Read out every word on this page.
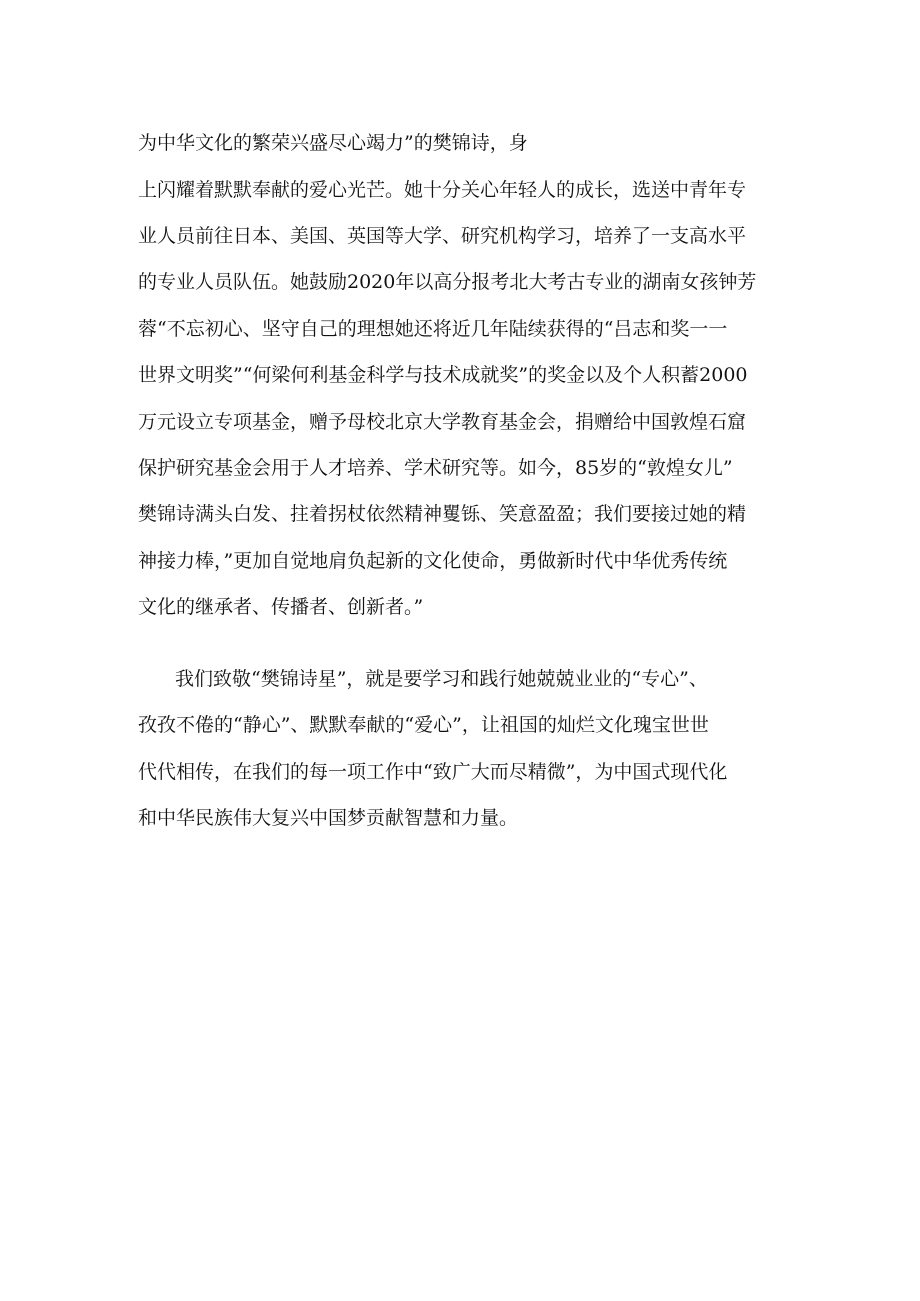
为中华文化的繁荣兴盛尽心竭力”的樊锦诗，身

上闪耀着默默奉献的爱心光芒。她十分关心年轻人的成长，选送中青年专

业人员前往日本、美国、英国等大学、研究机构学习，培养了一支高水平

的专业人员队伍。她鼓励2020年以高分报考北大考古专业的湖南女孩钟芳

蓉“不忘初心、坚守自己的理想她还将近几年陆续获得的“吕志和奖一一

世界文明奖”“何梁何利基金科学与技术成就奖”的奖金以及个人积蓄2000

万元设立专项基金，赠予母校北京大学教育基金会，捐赠给中国敦煌石窟

保护研究基金会用于人才培养、学术研究等。如今，85岁的“敦煌女儿”

樊锦诗满头白发、拄着拐杖依然精神矍铄、笑意盈盈；我们要接过她的精

神接力棒，”更加自觉地肩负起新的文化使命，勇做新时代中华优秀传统

文化的继承者、传播者、创新者。”

我们致敬“樊锦诗星”，就是要学习和践行她兢兢业业的“专心”、

孜孜不倦的“静心”、默默奉献的“爱心”，让祖国的灿烂文化瑰宝世世

代代相传，在我们的每一项工作中“致广大而尽精微”，为中国式现代化

和中华民族伟大复兴中国梦贡献智慧和力量。
